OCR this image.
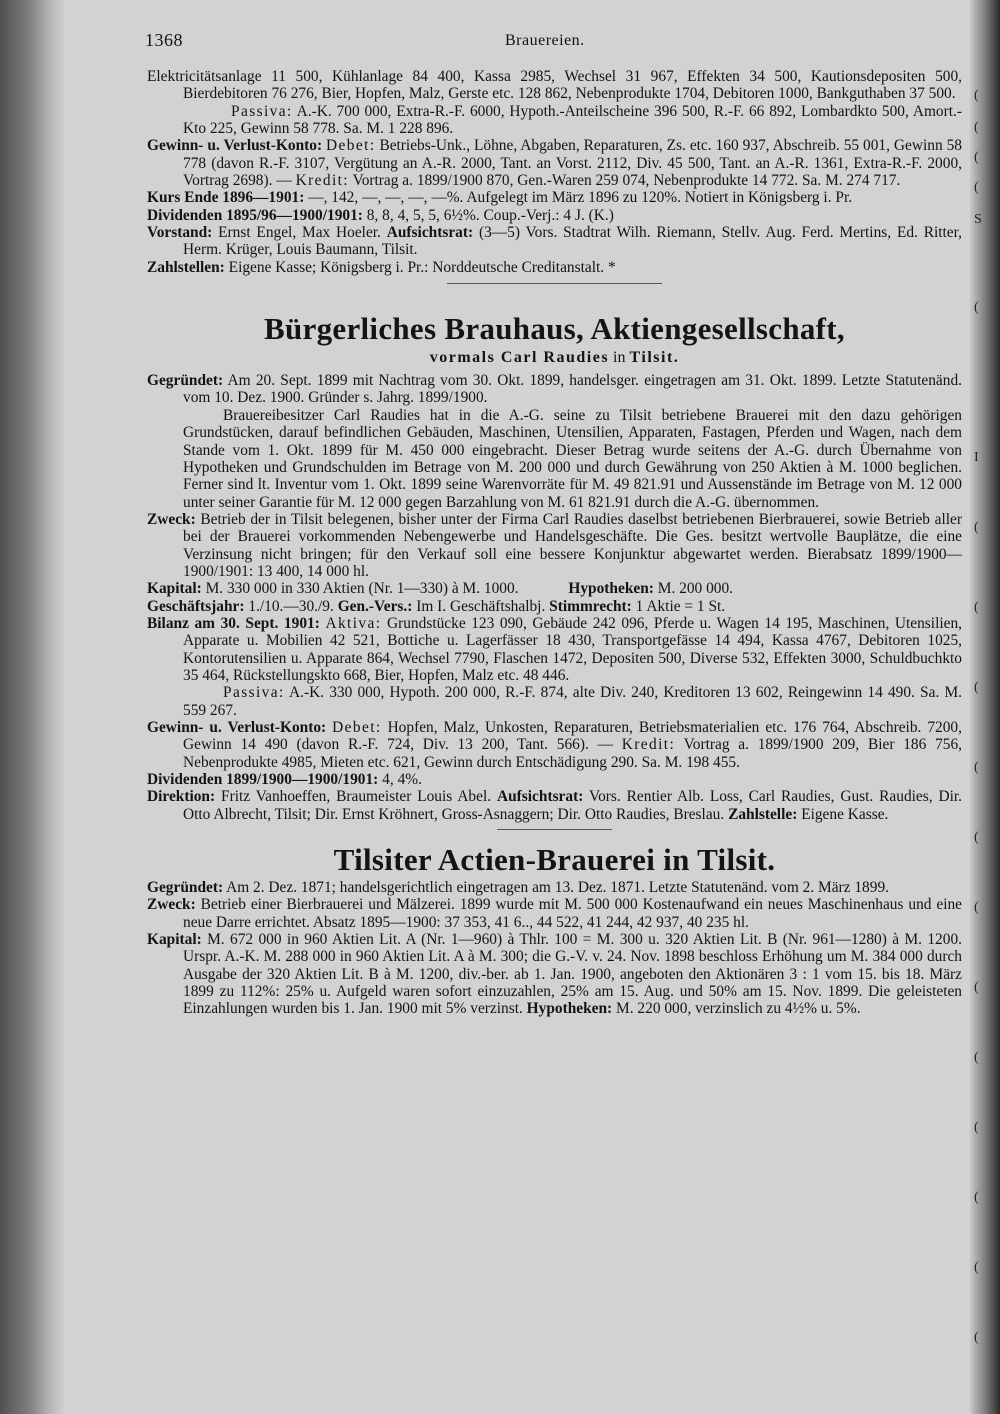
(
(
(
(
S
(
I
(
(
(
(
(
(
(
(
(
(
(
(
1368	Brauereien.

Elektricitätsanlage 11 500, Kühlanlage 84 400, Kassa 2985, Wechsel 31 967, Effekten 34 500, Kautionsdepositen 500, Bierdebitoren 76 276, Bier, Hopfen, Malz, Gerste etc. 128 862, Nebenprodukte 1704, Debitoren 1000, Bankguthaben 37 500.

Passiva: A.-K. 700 000, Extra-R.-F. 6000, Hypoth.-Anteilscheine 396 500, R.-F. 66 892, Lombardkto 500, Amort.-Kto 225, Gewinn 58 778. Sa. M. 1 228 896.

Gewinn- u. Verlust-Konto: Debet: Betriebs-Unk., Löhne, Abgaben, Reparaturen, Zs. etc. 160 937, Abschreib. 55 001, Gewinn 58 778 (davon R.-F. 3107, Vergütung an A.-R. 2000, Tant. an Vorst. 2112, Div. 45 500, Tant. an A.-R. 1361, Extra-R.-F. 2000, Vortrag 2698). — Kredit: Vortrag a. 1899/1900 870, Gen.-Waren 259 074, Nebenprodukte 14 772. Sa. M. 274 717.

Kurs Ende 1896—1901: —, 142, —, —, —, —%. Aufgelegt im März 1896 zu 120%. Notiert in Königsberg i. Pr.

Dividenden 1895/96—1900/1901: 8, 8, 4, 5, 5, 6½%. Coup.-Verj.: 4 J. (K.)

Vorstand: Ernst Engel, Max Hoeler. Aufsichtsrat: (3—5) Vors. Stadtrat Wilh. Riemann, Stellv. Aug. Ferd. Mertins, Ed. Ritter, Herm. Krüger, Louis Baumann, Tilsit.

Zahlstellen: Eigene Kasse; Königsberg i. Pr.: Norddeutsche Creditanstalt. *

Bürgerliches Brauhaus, Aktiengesellschaft,
vormals Carl Raudies in Tilsit.

Gegründet: Am 20. Sept. 1899 mit Nachtrag vom 30. Okt. 1899, handelsger. eingetragen am 31. Okt. 1899. Letzte Statutenänd. vom 10. Dez. 1900. Gründer s. Jahrg. 1899/1900.

Brauereibesitzer Carl Raudies hat in die A.-G. seine zu Tilsit betriebene Brauerei mit den dazu gehörigen Grundstücken, darauf befindlichen Gebäuden, Maschinen, Utensilien, Apparaten, Fastagen, Pferden und Wagen, nach dem Stande vom 1. Okt. 1899 für M. 450 000 eingebracht. Dieser Betrag wurde seitens der A.-G. durch Übernahme von Hypotheken und Grundschulden im Betrage von M. 200 000 und durch Gewährung von 250 Aktien à M. 1000 beglichen. Ferner sind lt. Inventur vom 1. Okt. 1899 seine Warenvorräte für M. 49 821.91 und Aussenstände im Betrage von M. 12 000 unter seiner Garantie für M. 12 000 gegen Barzahlung von M. 61 821.91 durch die A.-G. übernommen.

Zweck: Betrieb der in Tilsit belegenen, bisher unter der Firma Carl Raudies daselbst betriebenen Bierbrauerei, sowie Betrieb aller bei der Brauerei vorkommenden Nebengewerbe und Handelsgeschäfte. Die Ges. besitzt wertvolle Bauplätze, die eine Verzinsung nicht bringen; für den Verkauf soll eine bessere Konjunktur abgewartet werden. Bierabsatz 1899/1900—1900/1901: 13 400, 14 000 hl.

Kapital: M. 330 000 in 330 Aktien (Nr. 1—330) à M. 1000.	Hypotheken: M. 200 000.

Geschäftsjahr: 1./10.—30./9. Gen.-Vers.: Im I. Geschäftshalbj. Stimmrecht: 1 Aktie = 1 St.

Bilanz am 30. Sept. 1901: Aktiva: Grundstücke 123 090, Gebäude 242 096, Pferde u. Wagen 14 195, Maschinen, Utensilien, Apparate u. Mobilien 42 521, Bottiche u. Lagerfässer 18 430, Transportgefässe 14 494, Kassa 4767, Debitoren 1025, Kontorutensilien u. Apparate 864, Wechsel 7790, Flaschen 1472, Depositen 500, Diverse 532, Effekten 3000, Schuldbuchkto 35 464, Rückstellungskto 668, Bier, Hopfen, Malz etc. 48 446.

Passiva: A.-K. 330 000, Hypoth. 200 000, R.-F. 874, alte Div. 240, Kreditoren 13 602, Reingewinn 14 490. Sa. M. 559 267.

Gewinn- u. Verlust-Konto: Debet: Hopfen, Malz, Unkosten, Reparaturen, Betriebsmaterialien etc. 176 764, Abschreib. 7200, Gewinn 14 490 (davon R.-F. 724, Div. 13 200, Tant. 566). — Kredit: Vortrag a. 1899/1900 209, Bier 186 756, Nebenprodukte 4985, Mieten etc. 621, Gewinn durch Entschädigung 290. Sa. M. 198 455.

Dividenden 1899/1900—1900/1901: 4, 4%.

Direktion: Fritz Vanhoeffen, Braumeister Louis Abel. Aufsichtsrat: Vors. Rentier Alb. Loss, Carl Raudies, Gust. Raudies, Dir. Otto Albrecht, Tilsit; Dir. Ernst Kröhnert, Gross-Asnaggern; Dir. Otto Raudies, Breslau. Zahlstelle: Eigene Kasse.

Tilsiter Actien-Brauerei in Tilsit.

Gegründet: Am 2. Dez. 1871; handelsgerichtlich eingetragen am 13. Dez. 1871. Letzte Statutenänd. vom 2. März 1899.

Zweck: Betrieb einer Bierbrauerei und Mälzerei. 1899 wurde mit M. 500 000 Kostenaufwand ein neues Maschinenhaus und eine neue Darre errichtet. Absatz 1895—1900: 37 353, 41 6.., 44 522, 41 244, 42 937, 40 235 hl.

Kapital: M. 672 000 in 960 Aktien Lit. A (Nr. 1—960) à Thlr. 100 = M. 300 u. 320 Aktien Lit. B (Nr. 961—1280) à M. 1200. Urspr. A.-K. M. 288 000 in 960 Aktien Lit. A à M. 300; die G.-V. v. 24. Nov. 1898 beschloss Erhöhung um M. 384 000 durch Ausgabe der 320 Aktien Lit. B à M. 1200, div.-ber. ab 1. Jan. 1900, angeboten den Aktionären 3 : 1 vom 15. bis 18. März 1899 zu 112%: 25% u. Aufgeld waren sofort einzuzahlen, 25% am 15. Aug. und 50% am 15. Nov. 1899. Die geleisteten Einzahlungen wurden bis 1. Jan. 1900 mit 5% verzinst. Hypotheken: M. 220 000, verzinslich zu 4½% u. 5%.
